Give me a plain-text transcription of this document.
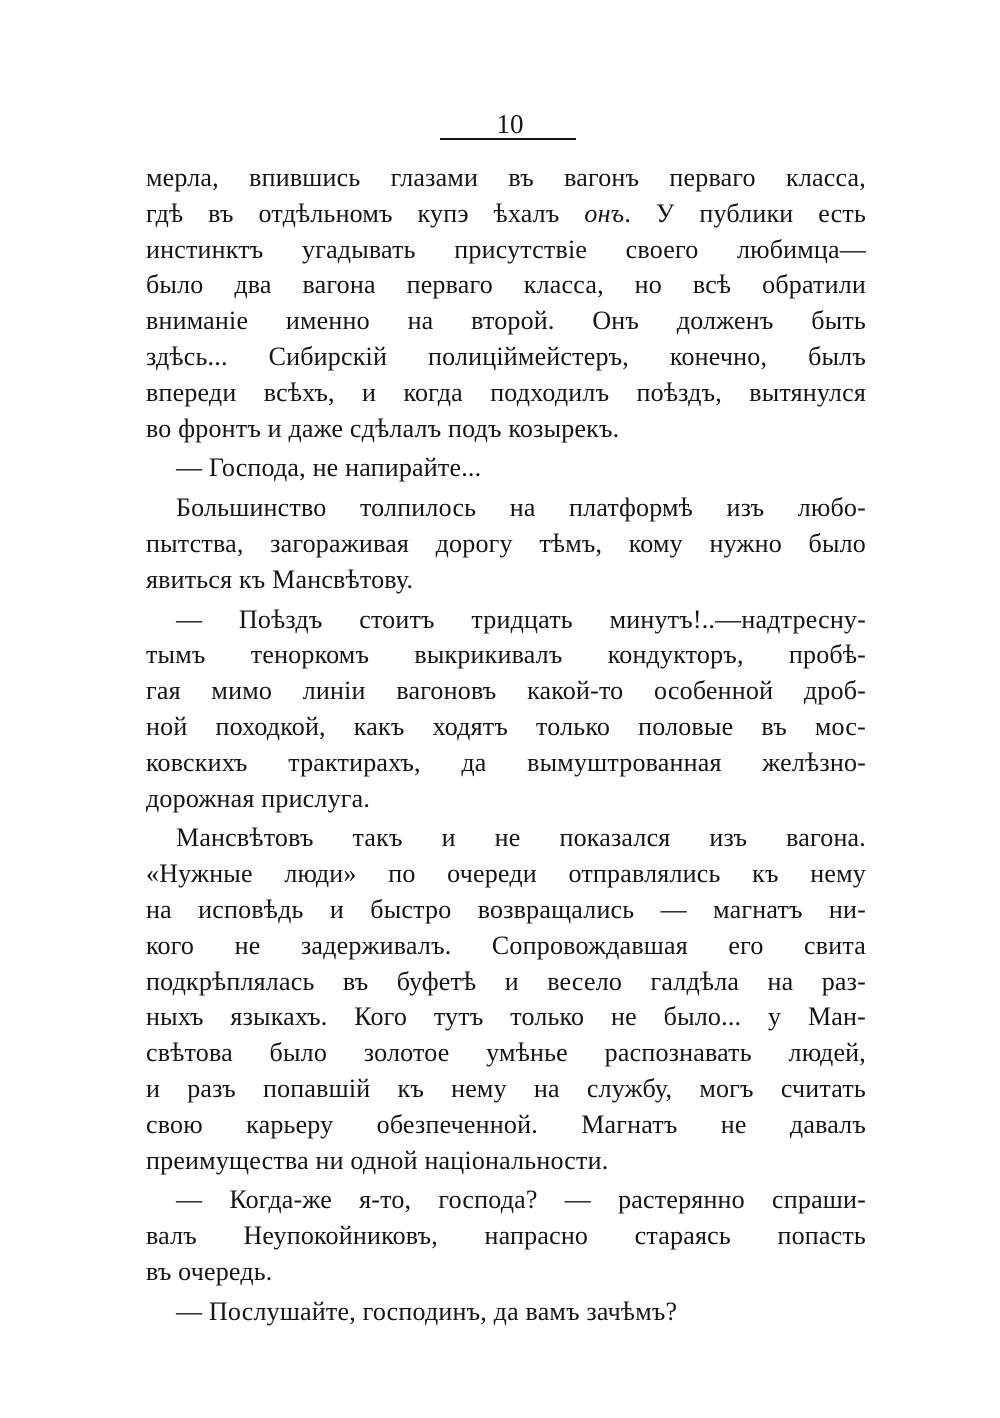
10
мерла, впившись глазами въ вагонъ перваго класса,
гдѣ въ отдѣльномъ купэ ѣхалъ онъ. У публики есть
инстинктъ угадывать присутствіе своего любимца—
было два вагона перваго класса, но всѣ обратили
вниманіе именно на второй. Онъ долженъ быть
здѣсь... Сибирскій полиціймейстеръ, конечно, былъ
впереди всѣхъ, и когда подходилъ поѣздъ, вытянулся
во фронтъ и даже сдѣлалъ подъ козырекъ.
— Господа, не напирайте...
Большинство толпилось на платформѣ изъ любо-
пытства, загораживая дорогу тѣмъ, кому нужно было
явиться къ Мансвѣтову.
— Поѣздъ стоитъ тридцать минутъ!..—надтресну-
тымъ теноркомъ выкрикивалъ кондукторъ, пробѣ-
гая мимо линіи вагоновъ какой-то особенной дроб-
ной походкой, какъ ходятъ только половые въ мос-
ковскихъ трактирахъ, да вымуштрованная желѣзно-
дорожная прислуга.
Мансвѣтовъ такъ и не показался изъ вагона.
«Нужные люди» по очереди отправлялись къ нему
на исповѣдь и быстро возвращались — магнатъ ни-
кого не задерживалъ. Сопровождавшая его свита
подкрѣплялась въ буфетѣ и весело галдѣла на раз-
ныхъ языкахъ. Кого тутъ только не было... у Ман-
свѣтова было золотое умѣнье распознавать людей,
и разъ попавшій къ нему на службу, могъ считать
свою карьеру обезпеченной. Магнатъ не давалъ
преимущества ни одной національности.
— Когда-же я-то, господа? — растерянно спраши-
валъ Неупокойниковъ, напрасно стараясь попасть
въ очередь.
— Послушайте, господинъ, да вамъ зачѣмъ?
